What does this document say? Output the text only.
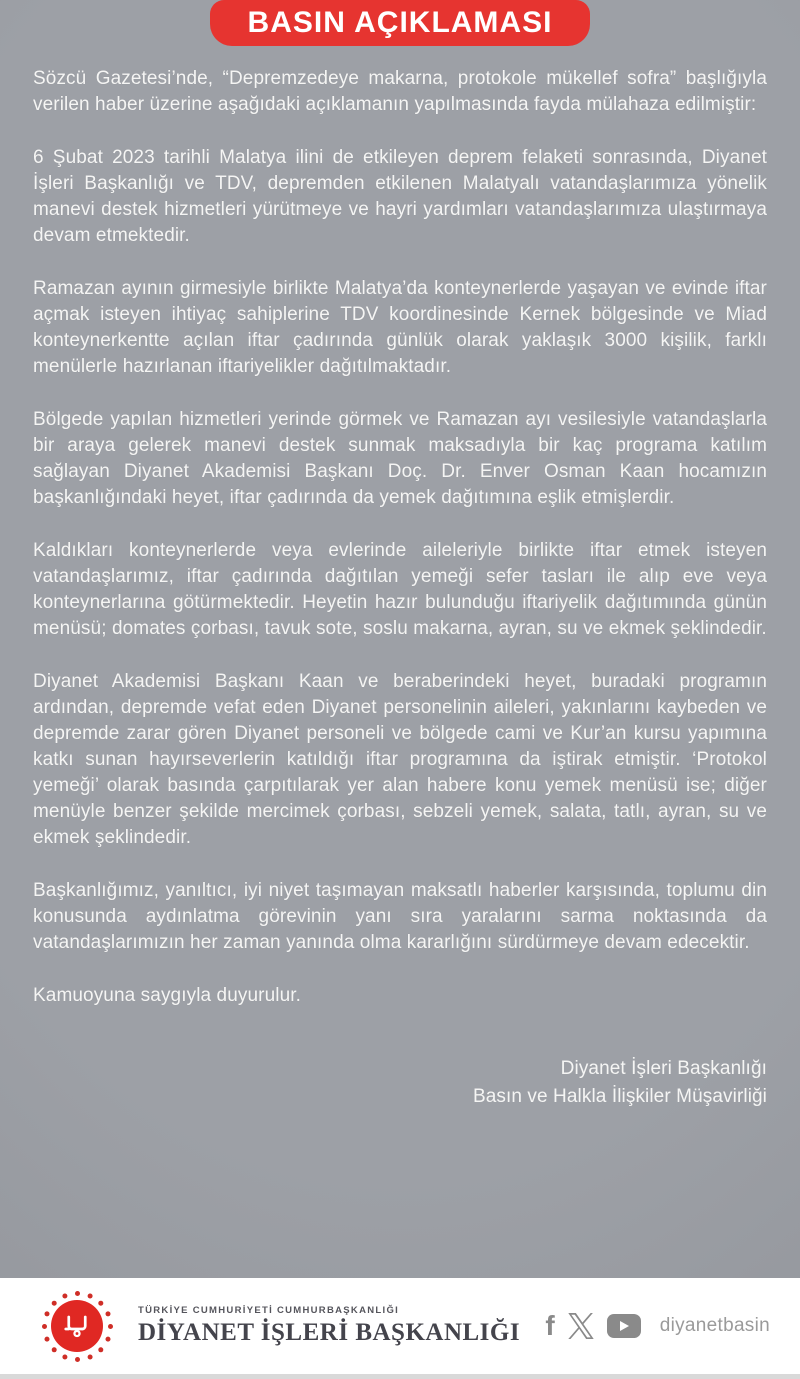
BASIN AÇIKLAMASI

Sözcü Gazetesi’nde, “Depremzedeye makarna, protokole mükellef sofra” başlığıyla verilen haber üzerine aşağıdaki açıklamanın yapılmasında fayda mülahaza edilmiştir:

6 Şubat 2023 tarihli Malatya ilini de etkileyen deprem felaketi sonrasında, Diyanet İşleri Başkanlığı ve TDV, depremden etkilenen Malatyalı vatandaşlarımıza yönelik manevi destek hizmetleri yürütmeye ve hayri yardımları vatandaşlarımıza ulaştırmaya devam etmektedir.

Ramazan ayının girmesiyle birlikte Malatya’da konteynerlerde yaşayan ve evinde iftar açmak isteyen ihtiyaç sahiplerine TDV koordinesinde Kernek bölgesinde ve Miad konteynerkentte açılan iftar çadırında günlük olarak yaklaşık 3000 kişilik, farklı menülerle hazırlanan iftariyelikler dağıtılmaktadır.

Bölgede yapılan hizmetleri yerinde görmek ve Ramazan ayı vesilesiyle vatandaşlarla bir araya gelerek manevi destek sunmak maksadıyla bir kaç programa katılım sağlayan Diyanet Akademisi Başkanı Doç. Dr. Enver Osman Kaan hocamızın başkanlığındaki heyet, iftar çadırında da yemek dağıtımına eşlik etmişlerdir.

Kaldıkları konteynerlerde veya evlerinde aileleriyle birlikte iftar etmek isteyen vatandaşlarımız, iftar çadırında dağıtılan yemeği sefer tasları ile alıp eve veya konteynerlarına götürmektedir. Heyetin hazır bulunduğu iftariyelik dağıtımında günün menüsü; domates çorbası, tavuk sote, soslu makarna, ayran, su ve ekmek şeklindedir.

Diyanet Akademisi Başkanı Kaan ve beraberindeki heyet, buradaki programın ardından, depremde vefat eden Diyanet personelinin aileleri, yakınlarını kaybeden ve depremde zarar gören Diyanet personeli ve bölgede cami ve Kur’an kursu yapımına katkı sunan hayırseverlerin katıldığı iftar programına da iştirak etmiştir. ‘Protokol yemeği’ olarak basında çarpıtılarak yer alan habere konu yemek menüsü ise; diğer menüyle benzer şekilde mercimek çorbası, sebzeli yemek, salata, tatlı, ayran, su ve ekmek şeklindedir.

Başkanlığımız, yanıltıcı, iyi niyet taşımayan maksatlı haberler karşısında, toplumu din konusunda aydınlatma görevinin yanı sıra yaralarını sarma noktasında da vatandaşlarımızın her zaman yanında olma kararlığını sürdürmeye devam edecektir.

Kamuoyuna saygıyla duyurulur.

Diyanet İşleri Başkanlığı
Basın ve Halkla İlişkiler Müşavirliği
TÜRKİYE CUMHURİYETİ CUMHURBAŞKANLIĞI
DİYANET İŞLERİ BAŞKANLIĞI f	diyanetbasin
